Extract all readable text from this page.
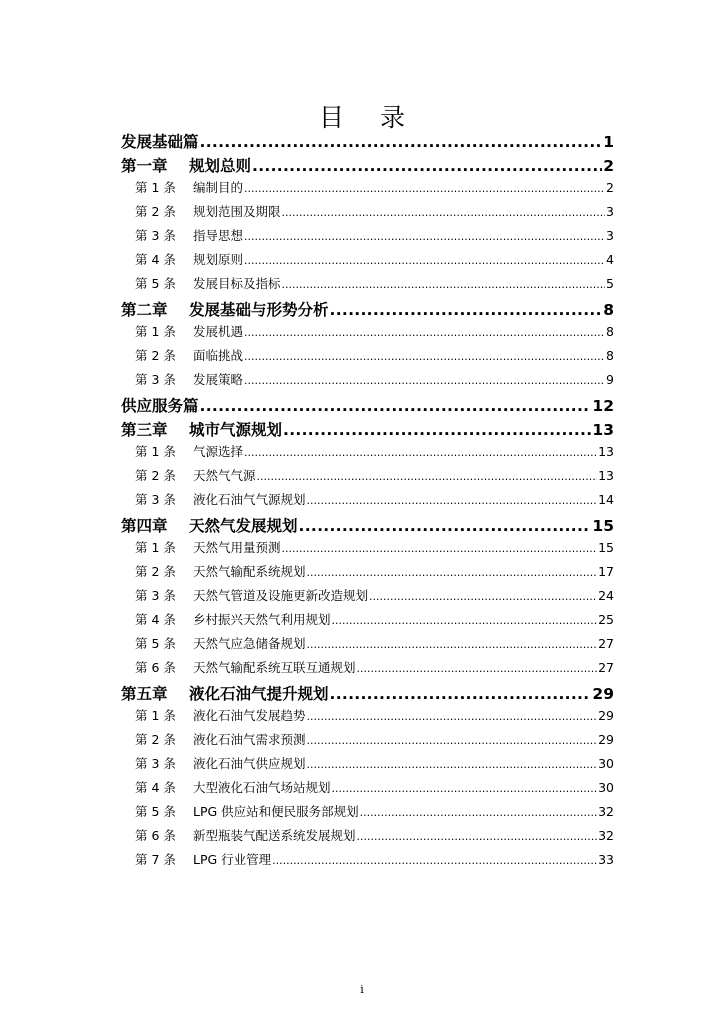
目 录
发展基础篇 .....	1
第一章	规划总则 .....	2
第 1 条	编制目的 .....	2
第 2 条	规划范围及期限 .....	3
第 3 条	指导思想 .....	3
第 4 条	规划原则 .....	4
第 5 条	发展目标及指标 .....	5
第二章	发展基础与形势分析 .....	8
第 1 条	发展机遇 .....	8
第 2 条	面临挑战 .....	8
第 3 条	发展策略 .....	9
供应服务篇 .....	12
第三章	城市气源规划 .....	13
第 1 条	气源选择 .....	13
第 2 条	天然气气源 .....	13
第 3 条	液化石油气气源规划 .....	14
第四章	天然气发展规划 .....	15
第 1 条	天然气用量预测 .....	15
第 2 条	天然气输配系统规划 .....	17
第 3 条	天然气管道及设施更新改造规划 .....	24
第 4 条	乡村振兴天然气利用规划 .....	25
第 5 条	天然气应急储备规划 .....	27
第 6 条	天然气输配系统互联互通规划 .....	27
第五章	液化石油气提升规划 .....	29
第 1 条	液化石油气发展趋势 .....	29
第 2 条	液化石油气需求预测 .....	29
第 3 条	液化石油气供应规划 .....	30
第 4 条	大型液化石油气场站规划 .....	30
第 5 条	LPG 供应站和便民服务部规划 .....	32
第 6 条	新型瓶装气配送系统发展规划 .....	32
第 7 条	LPG 行业管理 .....	33
i
